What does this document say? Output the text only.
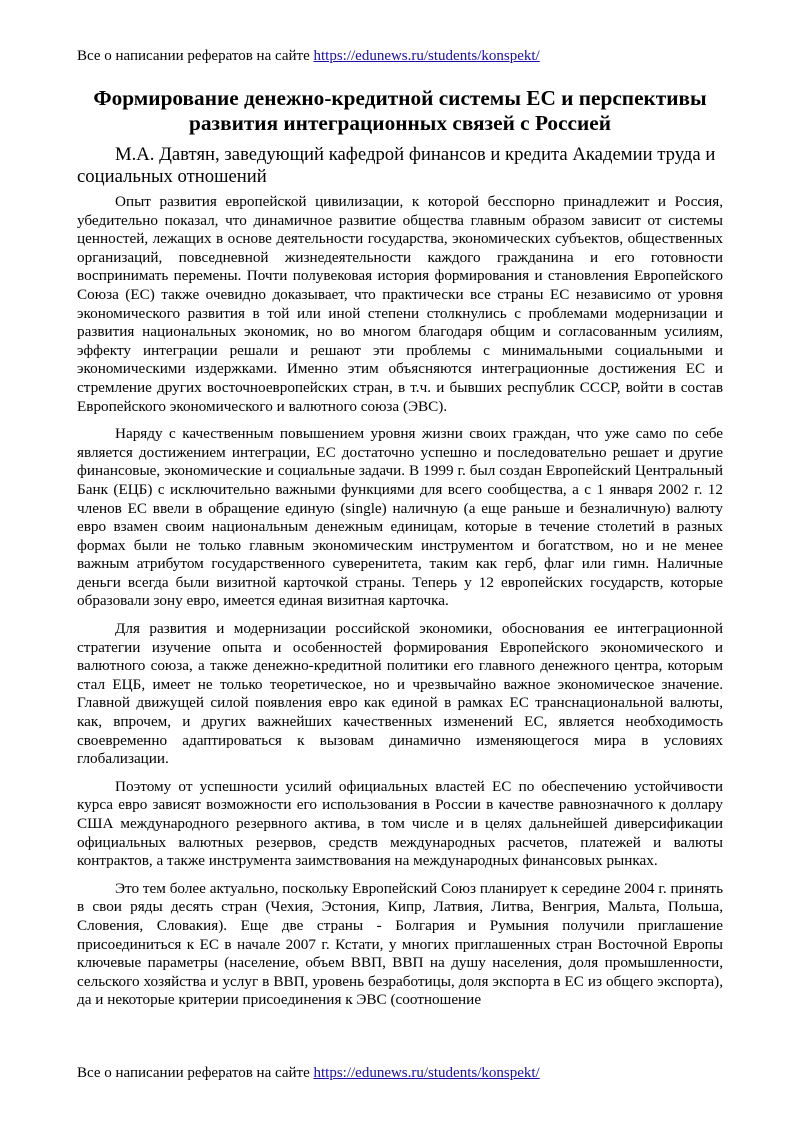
Все о написании рефератов на сайте https://edunews.ru/students/konspekt/
Формирование денежно-кредитной системы ЕС и перспективы развития интеграционных связей с Россией

М.А. Давтян, заведующий кафедрой финансов и кредита Академии труда и социальных отношений

Опыт развития европейской цивилизации, к которой бесспорно принадлежит и Россия, убедительно показал, что динамичное развитие общества главным образом зависит от системы ценностей, лежащих в основе деятельности государства, экономических субъектов, общественных организаций, повседневной жизнедеятельности каждого гражданина и его готовности воспринимать перемены. Почти полувековая история формирования и становления Европейского Союза (ЕС) также очевидно доказывает, что практически все страны ЕС независимо от уровня экономического развития в той или иной степени столкнулись с проблемами модернизации и развития национальных экономик, но во многом благодаря общим и согласованным усилиям, эффекту интеграции решали и решают эти проблемы с минимальными социальными и экономическими издержками. Именно этим объясняются интеграционные достижения ЕС и стремление других восточноевропейских стран, в т.ч. и бывших республик СССР, войти в состав Европейского экономического и валютного союза (ЭВС).

Наряду с качественным повышением уровня жизни своих граждан, что уже само по себе является достижением интеграции, ЕС достаточно успешно и последовательно решает и другие финансовые, экономические и социальные задачи. В 1999 г. был создан Европейский Центральный Банк (ЕЦБ) с исключительно важными функциями для всего сообщества, а с 1 января 2002 г. 12 членов ЕС ввели в обращение единую (single) наличную (а еще раньше и безналичную) валюту евро взамен своим национальным денежным единицам, которые в течение столетий в разных формах были не только главным экономическим инструментом и богатством, но и не менее важным атрибутом государственного суверенитета, таким как герб, флаг или гимн. Наличные деньги всегда были визитной карточкой страны. Теперь у 12 европейских государств, которые образовали зону евро, имеется единая визитная карточка.

Для развития и модернизации российской экономики, обоснования ее интеграционной стратегии изучение опыта и особенностей формирования Европейского экономического и валютного союза, а также денежно-кредитной политики его главного денежного центра, которым стал ЕЦБ, имеет не только теоретическое, но и чрезвычайно важное экономическое значение. Главной движущей силой появления евро как единой в рамках ЕС транснациональной валюты, как, впрочем, и других важнейших качественных изменений ЕС, является необходимость своевременно адаптироваться к вызовам динамично изменяющегося мира в условиях глобализации.

Поэтому от успешности усилий официальных властей ЕС по обеспечению устойчивости курса евро зависят возможности его использования в России в качестве равнозначного к доллару США международного резервного актива, в том числе и в целях дальнейшей диверсификации официальных валютных резервов, средств международных расчетов, платежей и валюты контрактов, а также инструмента заимствования на международных финансовых рынках.

Это тем более актуально, поскольку Европейский Союз планирует к середине 2004 г. принять в свои ряды десять стран (Чехия, Эстония, Кипр, Латвия, Литва, Венгрия, Мальта, Польша, Словения, Словакия). Еще две страны - Болгария и Румыния получили приглашение присоединиться к ЕС в начале 2007 г. Кстати, у многих приглашенных стран Восточной Европы ключевые параметры (население, объем ВВП, ВВП на душу населения, доля промышленности, сельского хозяйства и услуг в ВВП, уровень безработицы, доля экспорта в ЕС из общего экспорта), да и некоторые критерии присоединения к ЭВС (соотношение

Все о написании рефератов на сайте https://edunews.ru/students/konspekt/
